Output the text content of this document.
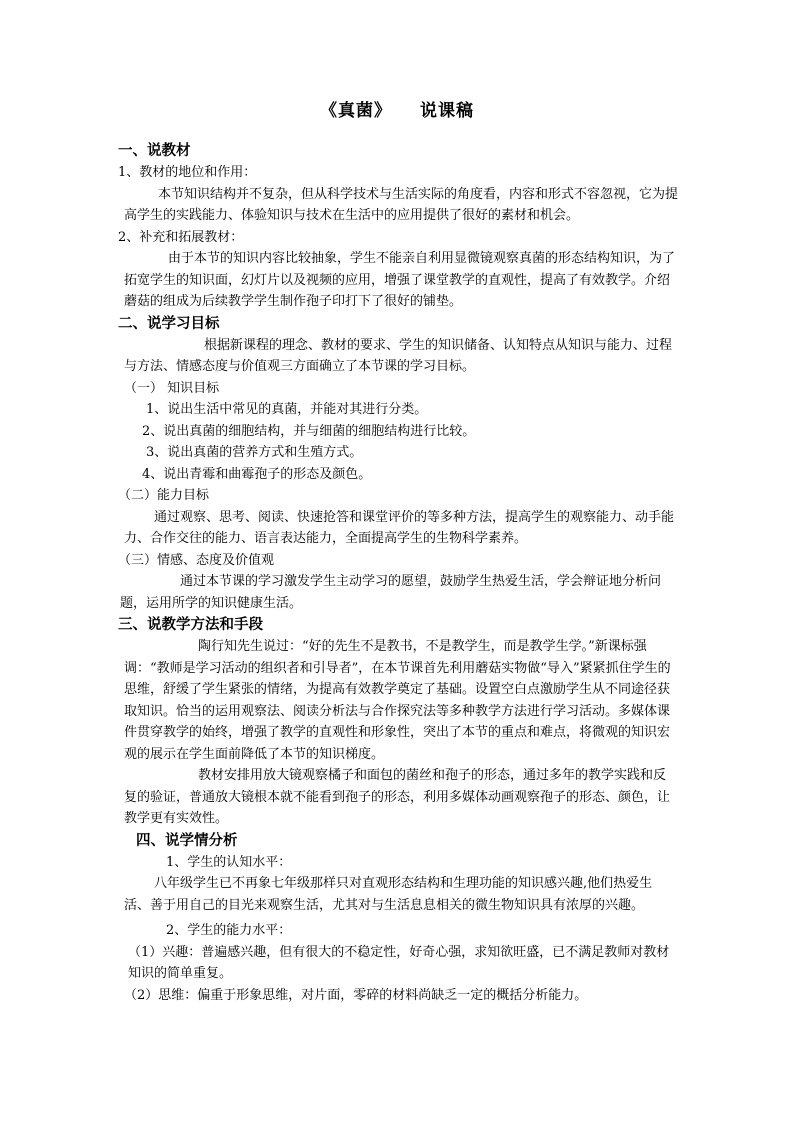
《真菌》 说课稿
一、说教材
1、教材的地位和作用：
本节知识结构并不复杂，但从科学技术与生活实际的角度看，内容和形式不容忽视，它为提高学生的实践能力、体验知识与技术在生活中的应用提供了很好的素材和机会。
2、补充和拓展教材：
由于本节的知识内容比较抽象，学生不能亲自利用显微镜观察真菌的形态结构知识，为了拓宽学生的知识面，幻灯片以及视频的应用，增强了课堂教学的直观性，提高了有效教学。介绍蘑菇的组成为后续教学学生制作孢子印打下了很好的铺垫。
二、说学习目标
根据新课程的理念、教材的要求、学生的知识储备、认知特点从知识与能力、过程与方法、情感态度与价值观三方面确立了本节课的学习目标。
（一） 知识目标
1、说出生活中常见的真菌，并能对其进行分类。
2、说出真菌的细胞结构，并与细菌的细胞结构进行比较。
3、说出真菌的营养方式和生殖方式。
4、说出青霉和曲霉孢子的形态及颜色。
（二）能力目标
通过观察、思考、阅读、快速抢答和课堂评价的等多种方法，提高学生的观察能力、动手能力、合作交往的能力、语言表达能力，全面提高学生的生物科学素养。
（三）情感、态度及价值观
通过本节课的学习激发学生主动学习的愿望，鼓励学生热爱生活，学会辩证地分析问 题，运用所学的知识健康生活。
三、说教学方法和手段
陶行知先生说过：“好的先生不是教书，不是教学生，而是教学生学。”新课标强调：“教师是学习活动的组织者和引导者”，在本节课首先利用蘑菇实物做“导入”紧紧抓住学生的思维，舒缓了学生紧张的情绪，为提高有效教学奠定了基础。设置空白点激励学生从不同途径获取知识。恰当的运用观察法、阅读分析法与合作探究法等多种教学方法进行学习活动。多媒体课件贯穿教学的始终，增强了教学的直观性和形象性，突出了本节的重点和难点，将微观的知识宏观的展示在学生面前降低了本节的知识梯度。
教材安排用放大镜观察橘子和面包的菌丝和孢子的形态，通过多年的教学实践和反复的验证，普通放大镜根本就不能看到孢子的形态，利用多媒体动画观察孢子的形态、颜色，让教学更有实效性。
四、说学情分析
1、学生的认知水平：
八年级学生已不再象七年级那样只对直观形态结构和生理功能的知识感兴趣,他们热爱生活、善于用自己的目光来观察生活，尤其对与生活息息相关的微生物知识具有浓厚的兴趣。
2、学生的能力水平：
（1）兴趣：普遍感兴趣，但有很大的不稳定性，好奇心强，求知欲旺盛，已不满足教师对教材知识的简单重复。
（2）思维：偏重于形象思维，对片面，零碎的材料尚缺乏一定的概括分析能力。
